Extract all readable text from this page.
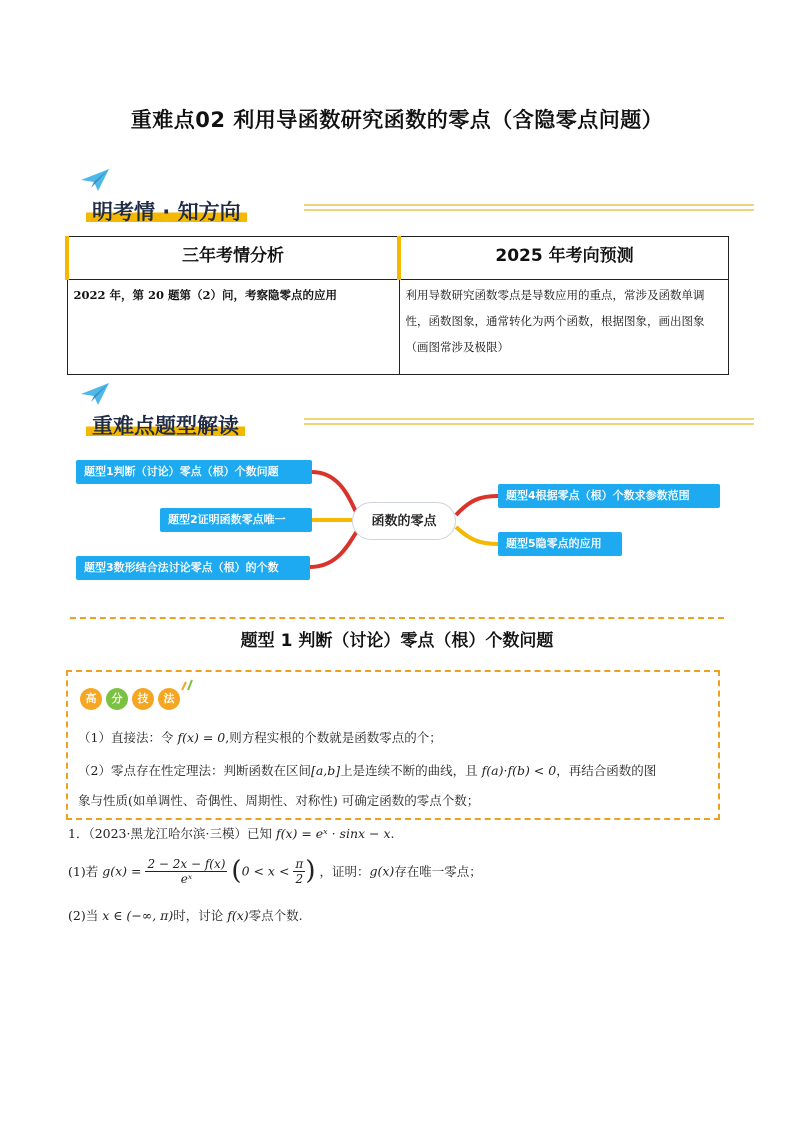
重难点02 利用导函数研究函数的零点（含隐零点问题）
明考情 · 知方向
三年考情分析	2025 年考向预测
2022 年，第 20 题第（2）问，考察隐零点的应用	利用导数研究函数零点是导数应用的重点，常涉及函数单调性，函数图象，通常转化为两个函数，根据图象，画出图象（画图常涉及极限）
重难点题型解读
题型1判断（讨论）零点（根）个数问题
题型2证明函数零点唯一
题型3数形结合法讨论零点（根）的个数
函数的零点
题型4根据零点（根）个数求参数范围
题型5隐零点的应用
题型 1 判断（讨论）零点（根）个数问题
高	分	技	法
（1）直接法：令 f(x) = 0,则方程实根的个数就是函数零点的个；
（2）零点存在性定理法：判断函数在区间[a,b]上是连续不断的曲线，且 f(a)·f(b) < 0，再结合函数的图
象与性质(如单调性、奇偶性、周期性、对称性) 可确定函数的零点个数；
1．（2023·黑龙江哈尔滨·三模）已知 f(x) = eˣ · sinx − x.
(1)若 $g(x) = \frac{2 - 2x - f(x)}{\text{eˣ}} (0 < x < \frac{\pi}{2}$ ) ，证明：g(x)存在唯一零点；
(2)当 x ∈ (−∞, π)时，讨论 f(x)零点个数.
